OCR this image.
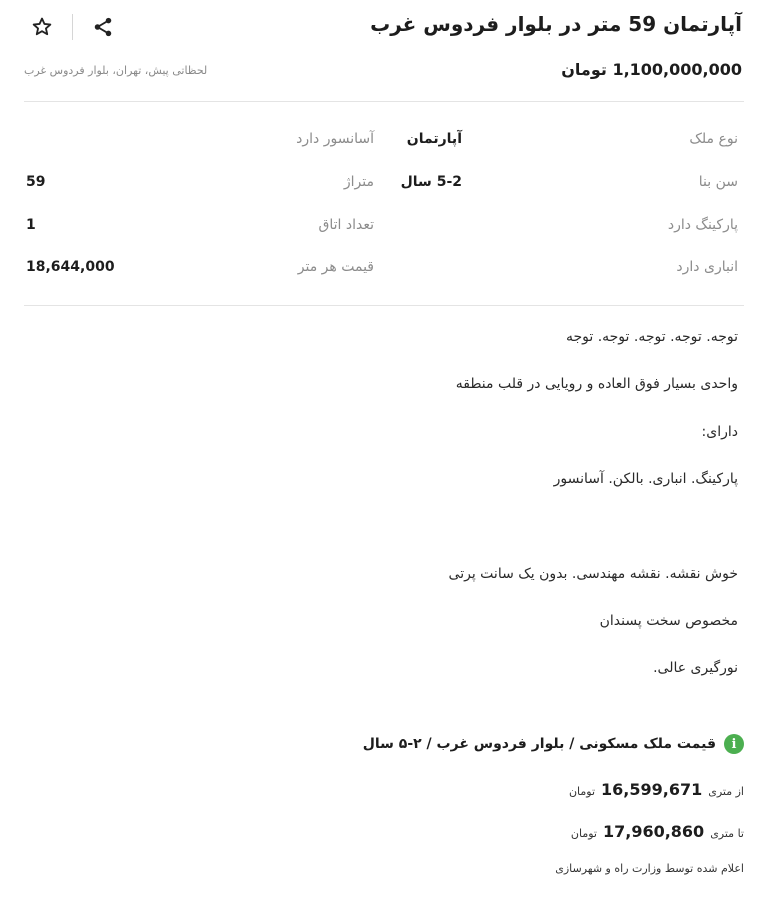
آپارتمان 59 متر در بلوار فردوس غرب
لحظاتی پیش، تهران، بلوار فردوس غرب	1,100,000,000 تومان
نوع ملک
آپارتمان
آسانسور دارد
سن بنا
5-2 سال
متراژ
59
پارکینگ دارد
تعداد اتاق
1
انباری دارد
قیمت هر متر
18,644,000
توجه. توجه. توجه. توجه. توجه
واحدی بسیار فوق العاده و رویایی در قلب منطقه
دارای:
پارکینگ. انباری. بالکن. آسانسور
خوش نقشه. نقشه مهندسی. بدون یک سانت پرتی
مخصوص سخت پسندان
نورگیری عالی.
i
قیمت ملک مسکونی / بلوار فردوس غرب / ۲-۵ سال
از متری
16,599,671
تومان
تا متری
17,960,860
تومان
اعلام شده توسط وزارت راه و شهرسازی
